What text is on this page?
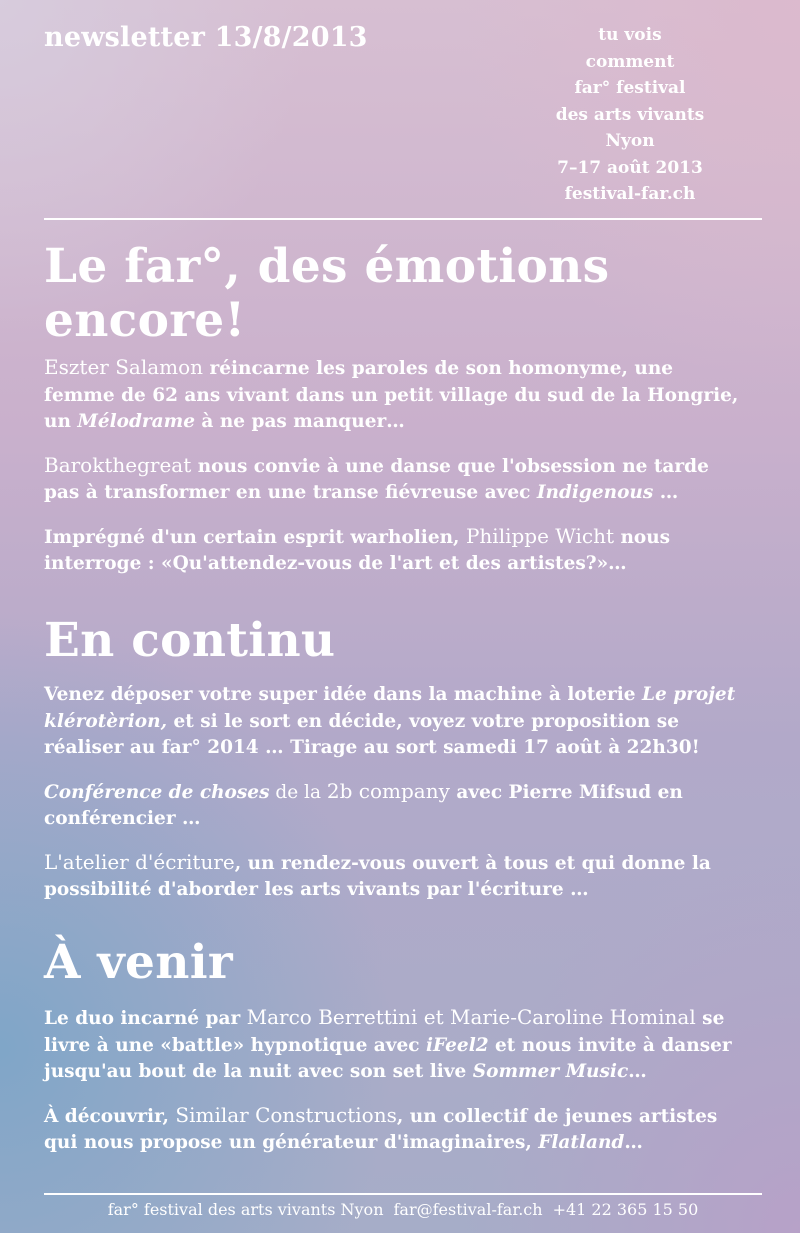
newsletter 13/8/2013	tu vois
comment
far° festival
des arts vivants
Nyon
7–17 août 2013
festival-far.ch
Le far°, des émotions
encore!

Eszter Salamon réincarne les paroles de son homonyme, une femme de 62 ans vivant dans un petit village du sud de la Hongrie, un Mélodrame à ne pas manquer…

Barokthegreat nous convie à une danse que l'obsession ne tarde pas à transformer en une transe fiévreuse avec Indigenous …

Imprégné d'un certain esprit warholien, Philippe Wicht nous interroge : «Qu'attendez-vous de l'art et des artistes?»…

En continu

Venez déposer votre super idée dans la machine à loterie Le projet klérotèrion, et si le sort en décide, voyez votre proposition se réaliser au far° 2014 … Tirage au sort samedi 17 août à 22h30!

Conférence de choses de la 2b company avec Pierre Mifsud en conférencier …

L'atelier d'écriture, un rendez-vous ouvert à tous et qui donne la possibilité d'aborder les arts vivants par l'écriture …

À venir

Le duo incarné par Marco Berrettini et Marie-Caroline Hominal se livre à une «battle» hypnotique avec iFeel2 et nous invite à danser jusqu'au bout de la nuit avec son set live Sommer Music…

À découvrir, Similar Constructions, un collectif de jeunes artistes qui nous propose un générateur d'imaginaires, Flatland…

far° festival des arts vivants Nyon far@festival-far.ch +41 22 365 15 50
